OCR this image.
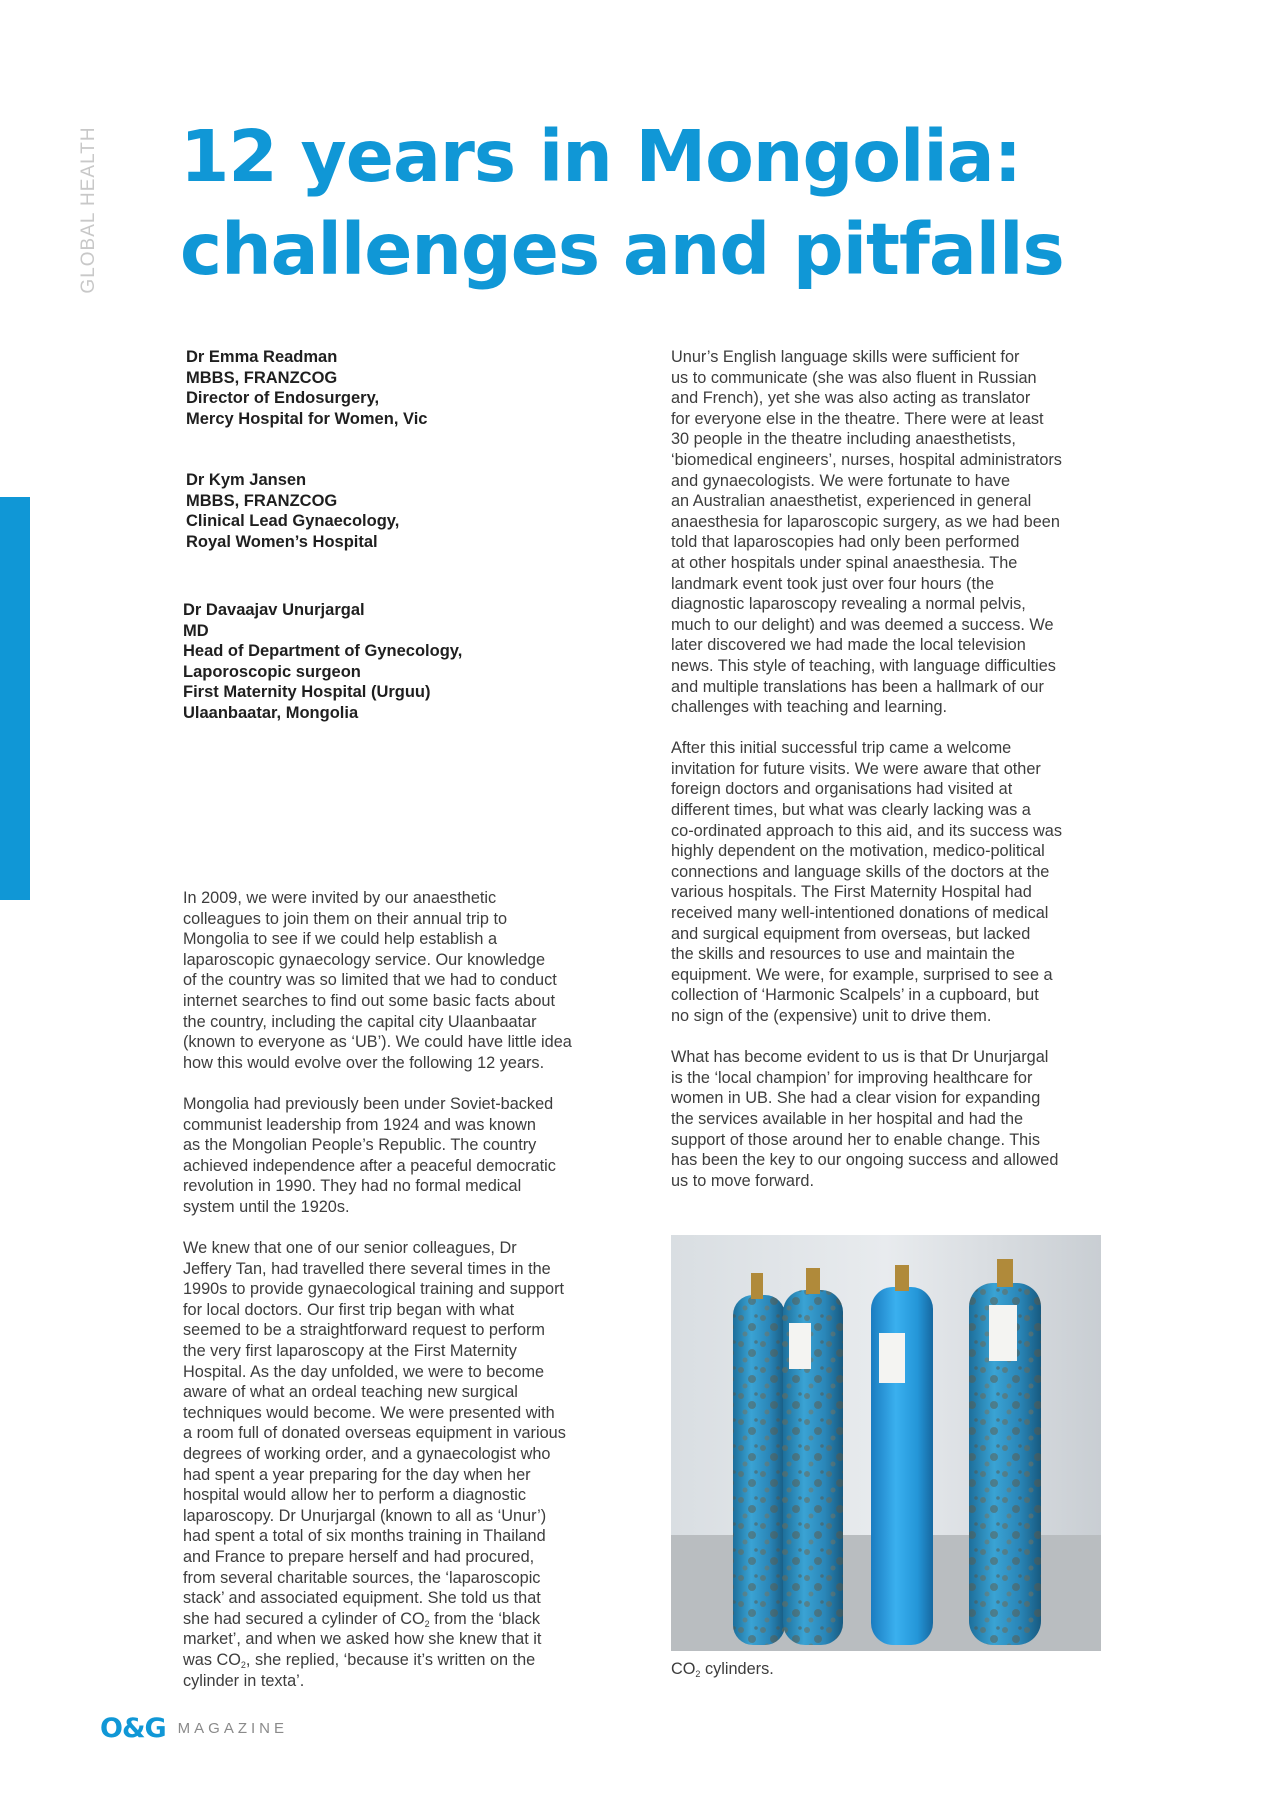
GLOBAL HEALTH 12 years in Mongolia:
challenges and pitfalls
Dr Emma Readman
MBBS, FRANZCOG
Director of Endosurgery,
Mercy Hospital for Women, Vic
Dr Kym Jansen
MBBS, FRANZCOG
Clinical Lead Gynaecology,
Royal Women’s Hospital
Dr Davaajav Unurjargal
MD
Head of Department of Gynecology,
Laporoscopic surgeon
First Maternity Hospital (Urguu)
Ulaanbaatar, Mongolia

In 2009, we were invited by our anaesthetic
colleagues to join them on their annual trip to
Mongolia to see if we could help establish a
laparoscopic gynaecology service. Our knowledge
of the country was so limited that we had to conduct
internet searches to find out some basic facts about
the country, including the capital city Ulaanbaatar
(known to everyone as ‘UB’). We could have little idea
how this would evolve over the following 12 years.

Mongolia had previously been under Soviet-backed
communist leadership from 1924 and was known
as the Mongolian People’s Republic. The country
achieved independence after a peaceful democratic
revolution in 1990. They had no formal medical
system until the 1920s.

We knew that one of our senior colleagues, Dr
Jeffery Tan, had travelled there several times in the
1990s to provide gynaecological training and support
for local doctors. Our first trip began with what
seemed to be a straightforward request to perform
the very first laparoscopy at the First Maternity
Hospital. As the day unfolded, we were to become
aware of what an ordeal teaching new surgical
techniques would become. We were presented with
a room full of donated overseas equipment in various
degrees of working order, and a gynaecologist who
had spent a year preparing for the day when her
hospital would allow her to perform a diagnostic
laparoscopy. Dr Unurjargal (known to all as ‘Unur’)
had spent a total of six months training in Thailand
and France to prepare herself and had procured,
from several charitable sources, the ‘laparoscopic
stack’ and associated equipment. She told us that
she had secured a cylinder of $CO_2$ from the ‘black
market’, and when we asked how she knew that it
was $CO_2$, she replied, ‘because it’s written on the
cylinder in texta’.

Unur’s English language skills were sufficient for
us to communicate (she was also fluent in Russian
and French), yet she was also acting as translator
for everyone else in the theatre. There were at least
30 people in the theatre including anaesthetists,
‘biomedical engineers’, nurses, hospital administrators
and gynaecologists. We were fortunate to have
an Australian anaesthetist, experienced in general
anaesthesia for laparoscopic surgery, as we had been
told that laparoscopies had only been performed
at other hospitals under spinal anaesthesia. The
landmark event took just over four hours (the
diagnostic laparoscopy revealing a normal pelvis,
much to our delight) and was deemed a success. We
later discovered we had made the local television
news. This style of teaching, with language difficulties
and multiple translations has been a hallmark of our
challenges with teaching and learning.

After this initial successful trip came a welcome
invitation for future visits. We were aware that other
foreign doctors and organisations had visited at
different times, but what was clearly lacking was a
co-ordinated approach to this aid, and its success was
highly dependent on the motivation, medico-political
connections and language skills of the doctors at the
various hospitals. The First Maternity Hospital had
received many well-intentioned donations of medical
and surgical equipment from overseas, but lacked
the skills and resources to use and maintain the
equipment. We were, for example, surprised to see a
collection of ‘Harmonic Scalpels’ in a cupboard, but
no sign of the (expensive) unit to drive them.

What has become evident to us is that Dr Unurjargal
is the ‘local champion’ for improving healthcare for
women in UB. She had a clear vision for expanding
the services available in her hospital and had the
support of those around her to enable change. This
has been the key to our ongoing success and allowed
us to move forward.

$CO_2$ cylinders.
O&G MAGAZINE
